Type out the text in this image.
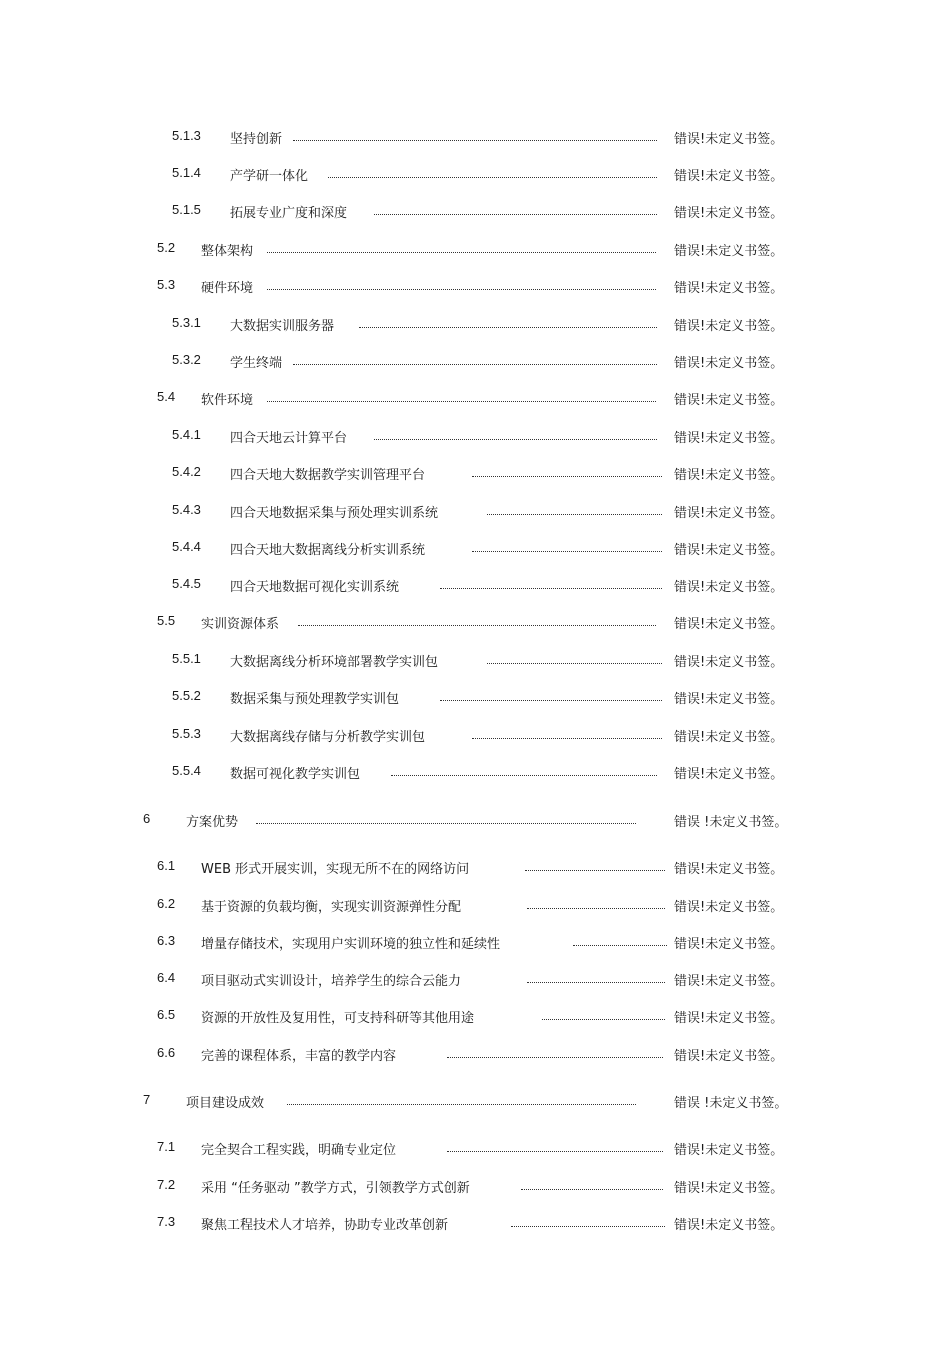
5.1.3 坚持创新	错误!未定义书签。
5.1.4 产学研一体化	错误!未定义书签。
5.1.5 拓展专业广度和深度	错误!未定义书签。
5.2 整体架构	错误!未定义书签。
5.3 硬件环境	错误!未定义书签。
5.3.1 大数据实训服务器	错误!未定义书签。
5.3.2 学生终端	错误!未定义书签。
5.4 软件环境	错误!未定义书签。
5.4.1 四合天地云计算平台	错误!未定义书签。
5.4.2 四合天地大数据教学实训管理平台	错误!未定义书签。
5.4.3 四合天地数据采集与预处理实训系统	错误!未定义书签。
5.4.4 四合天地大数据离线分析实训系统	错误!未定义书签。
5.4.5 四合天地数据可视化实训系统	错误!未定义书签。
5.5 实训资源体系	错误!未定义书签。
5.5.1 大数据离线分析环境部署教学实训包	错误!未定义书签。
5.5.2 数据采集与预处理教学实训包	错误!未定义书签。
5.5.3 大数据离线存储与分析教学实训包	错误!未定义书签。
5.5.4 数据可视化教学实训包	错误!未定义书签。
6	方案优势	错误 !未定义书签。
6.1 WEB 形式开展实训，实现无所不在的网络访问	错误!未定义书签。
6.2 基于资源的负载均衡，实现实训资源弹性分配	错误!未定义书签。
6.3 增量存储技术，实现用户实训环境的独立性和延续性	错误!未定义书签。
6.4 项目驱动式实训设计，培养学生的综合云能力	错误!未定义书签。
6.5 资源的开放性及复用性，可支持科研等其他用途	错误!未定义书签。
6.6 完善的课程体系，丰富的教学内容	错误!未定义书签。
7	项目建设成效	错误 !未定义书签。
7.1 完全契合工程实践，明确专业定位	错误!未定义书签。
7.2 采用 “任务驱动 ”教学方式，引领教学方式创新	错误!未定义书签。
7.3 聚焦工程技术人才培养，协助专业改革创新	错误!未定义书签。
